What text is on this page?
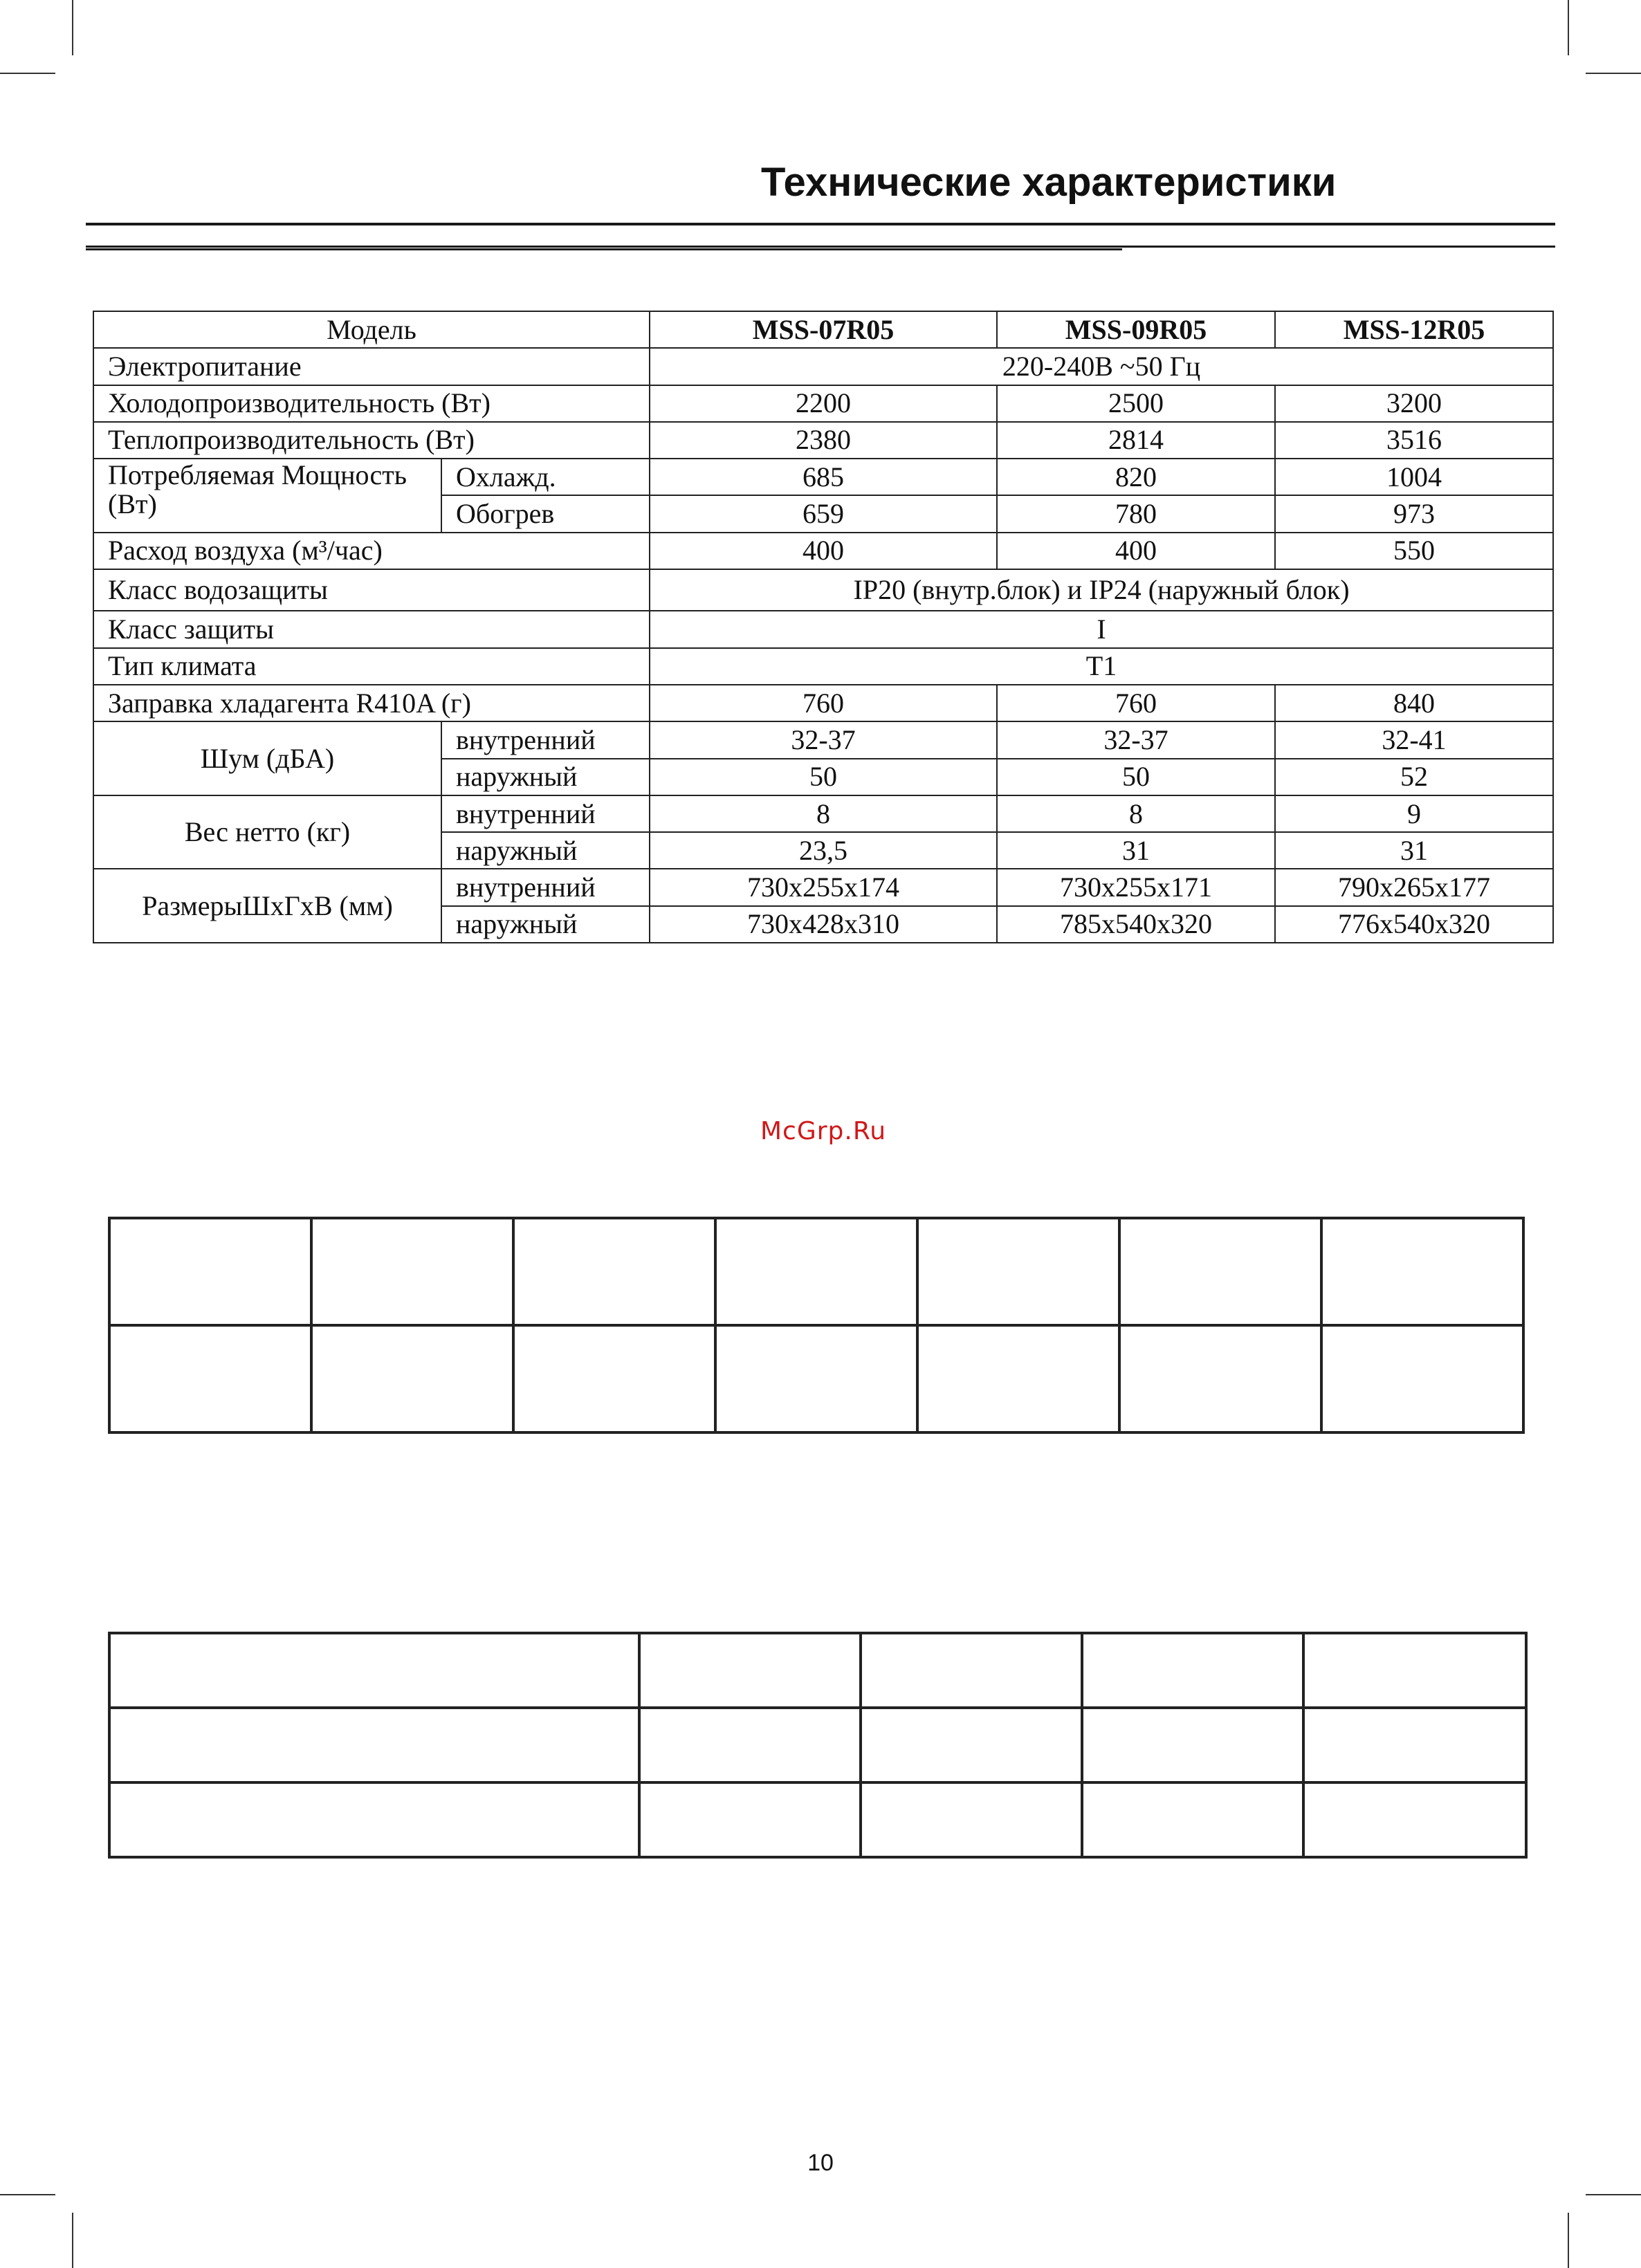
Технические характеристики
Модель		MSS-07R05	MSS-09R05	MSS-12R05
Электропитание		220-240В ~50 Гц		
Холодопроизводительность (Вт)		2200	2500	3200
Теплопроизводительность (Вт)		2380	2814	3516
Потребляемая Мощность (Вт)	Охлажд.	685	820	1004
	Обогрев	659	780	973
Расход воздуха (м³/час)		400	400	550
Класс водозащиты		IP20 (внутр.блок) и IP24 (наружный блок)		
Класс защиты		I		
Тип климата		T1		
Заправка хладагента R410A (г)		760	760	840
Шум (дБА)	внутренний	32-37	32-37	32-41
	наружный	50	50	52
Вес нетто (кг)	внутренний	8	8	9
	наружный	23,5	31	31
РазмерыШхГхВ (мм)	внутренний	730x255x174	730x255x171	790x265x177
	наружный	730x428x310	785x540x320	776x540x320
McGrp.Ru

10
